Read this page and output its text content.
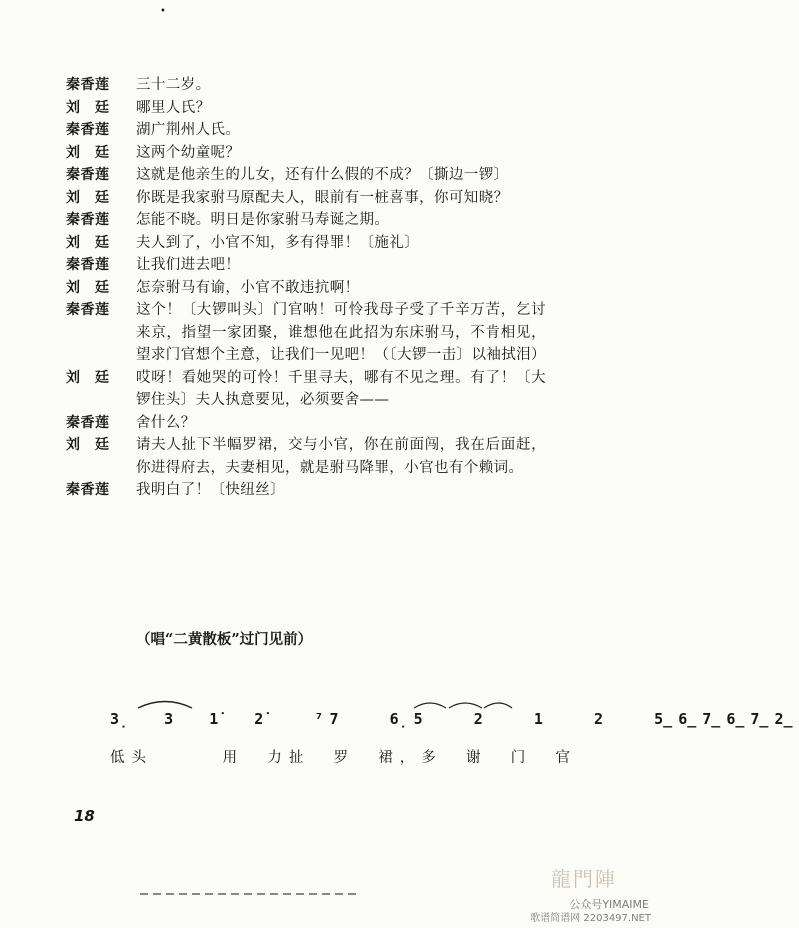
•
秦香莲	三十二岁。
刘　廷	哪里人氏？
秦香莲	湖广荆州人氏。
刘　廷	这两个幼童呢？
秦香莲	这就是他亲生的儿女，还有什么假的不成？〔撕边一锣〕
刘　廷	你既是我家驸马原配夫人，眼前有一桩喜事，你可知晓？
秦香莲	怎能不晓。明日是你家驸马寿诞之期。
刘　廷	夫人到了，小官不知，多有得罪！〔施礼〕
秦香莲	让我们进去吧！
刘　廷	怎奈驸马有谕，小官不敢违抗啊！
秦香莲	这个！〔大锣叫头〕门官呐！可怜我母子受了千辛万苦，乞讨来京，指望一家团聚，谁想他在此招为东床驸马，不肯相见，望求门官想个主意，让我们一见吧！（〔大锣一击〕以袖拭泪）
刘　廷	哎呀！看她哭的可怜！千里寻夫，哪有不见之理。有了！〔大锣住头〕夫人执意要见，必须要舍——
秦香莲	舍什么？
刘　廷	请夫人扯下半幅罗裙，交与小官，你在前面闯，我在后面赶，你进得府去，夫妻相见，就是驸马降罪，小官也有个赖词。
秦香莲	我明白了！〔快纽丝〕
（唱“二黄散板”过门见前）
3̣  3  1̇  2̇   ⁷7   6̣5   2   1   2   5̲6̲7̲6̲7̲2̲
低头      用  力扯  罗  裙，多  谢  门  官
18
龍門陣
公众号YIMAIME
歌谱简谱网 2203497.NET
